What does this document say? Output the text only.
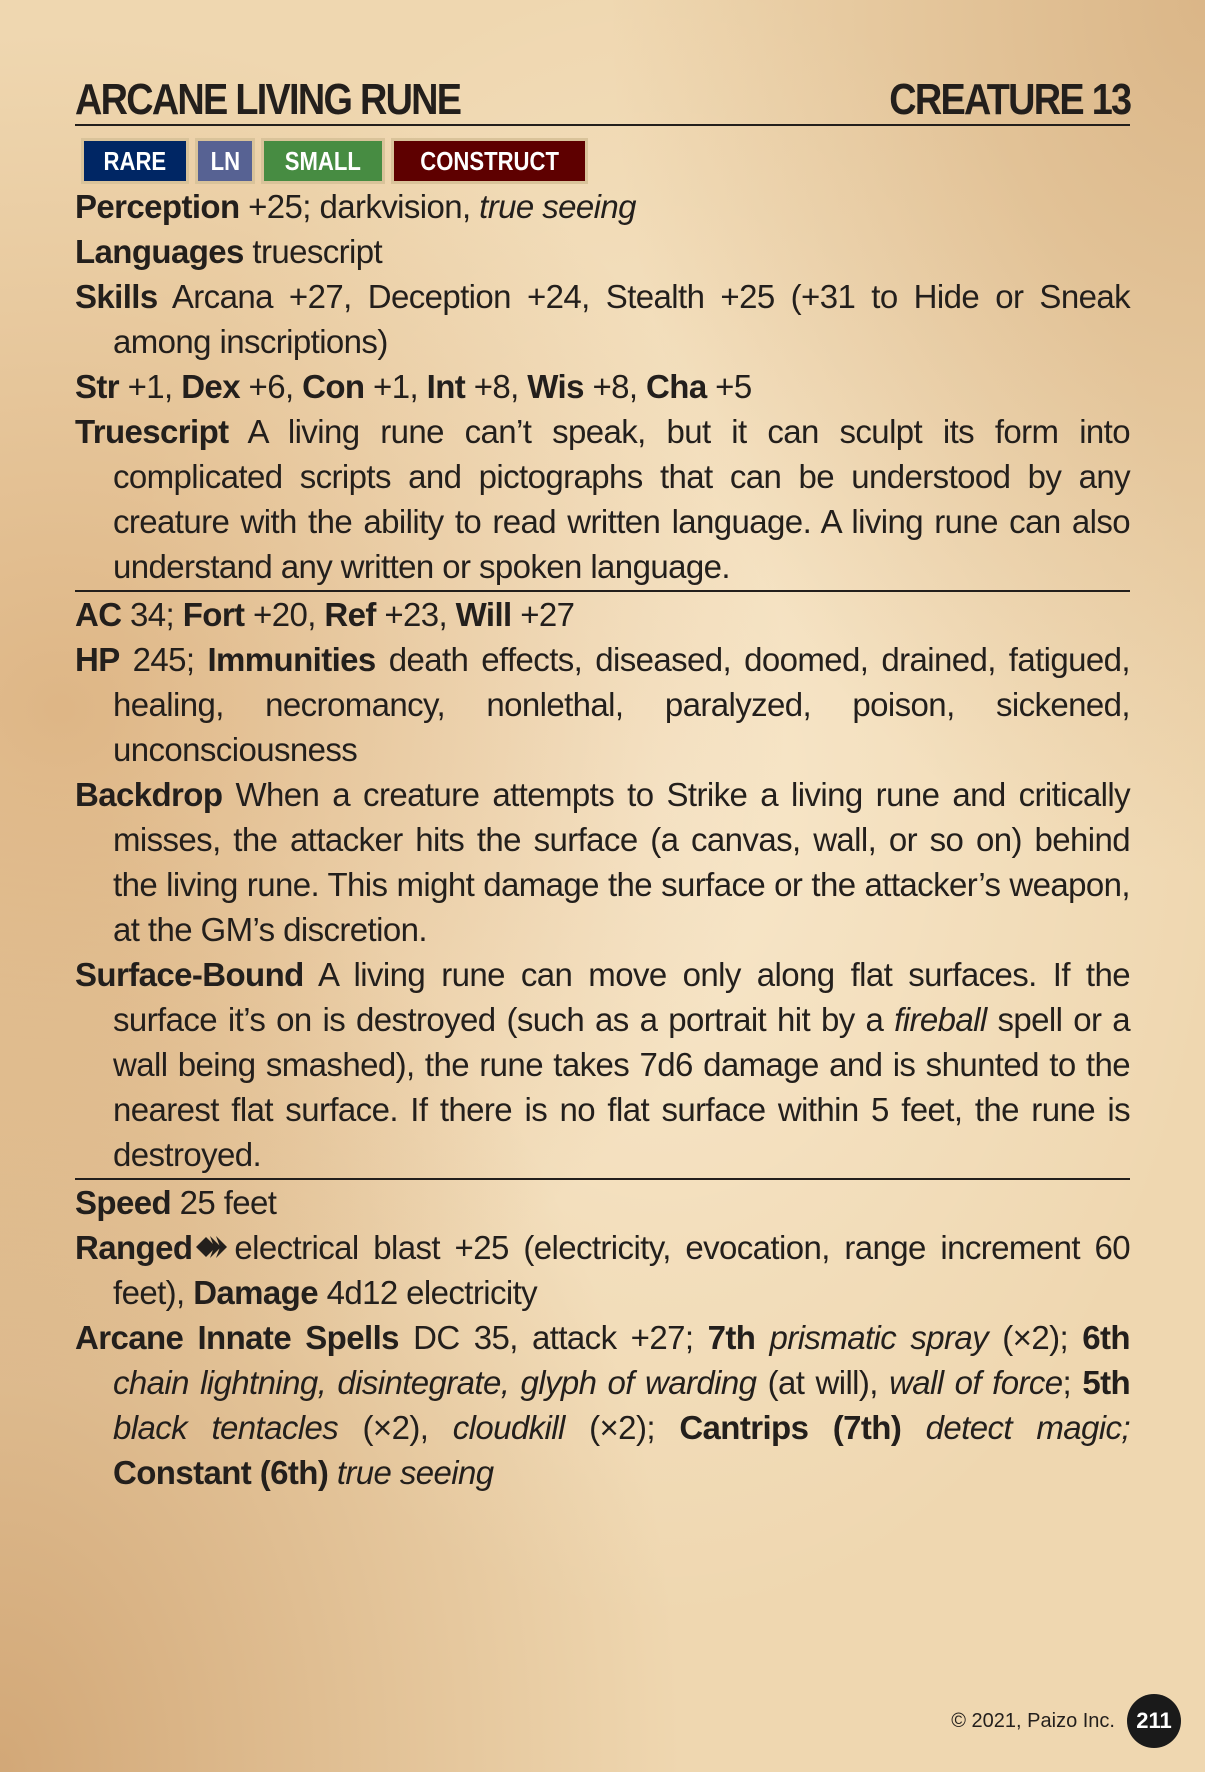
ARCANE LIVING RUNE	CREATURE 13
RARE LN SMALL CONSTRUCT

Perception +25; darkvision, true seeing

Languages truescript

Skills Arcana +27, Deception +24, Stealth +25 (+31 to Hide or Sneak among inscriptions)

Str +1, Dex +6, Con +1, Int +8, Wis +8, Cha +5

Truescript A living rune can’t speak, but it can sculpt its form into complicated scripts and pictographs that can be understood by any creature with the ability to read written language. A living rune can also understand any written or spoken language.

AC 34; Fort +20, Ref +23, Will +27

HP 245; Immunities death effects, diseased, doomed, drained, fatigued, healing, necromancy, nonlethal, paralyzed, poison, sickened, unconsciousness

Backdrop When a creature attempts to Strike a living rune and critically misses, the attacker hits the surface (a canvas, wall, or so on) behind the living rune. This might damage the surface or the attacker’s weapon, at the GM’s discretion.

Surface-Bound A living rune can move only along flat surfaces. If the surface it’s on is destroyed (such as a portrait hit by a fireball spell or a wall being smashed), the rune takes 7d6 damage and is shunted to the nearest flat surface. If there is no flat surface within 5 feet, the rune is destroyed.

Speed 25 feet

Ranged electrical blast +25 (electricity, evocation, range increment 60 feet), Damage 4d12 electricity

Arcane Innate Spells DC 35, attack +27; 7th prismatic spray (×2); 6th chain lightning, disintegrate, glyph of warding (at will), wall of force; 5th black tentacles (×2), cloudkill (×2); Cantrips (7th) detect magic; Constant (6th) true seeing

© 2021, Paizo Inc. 211
